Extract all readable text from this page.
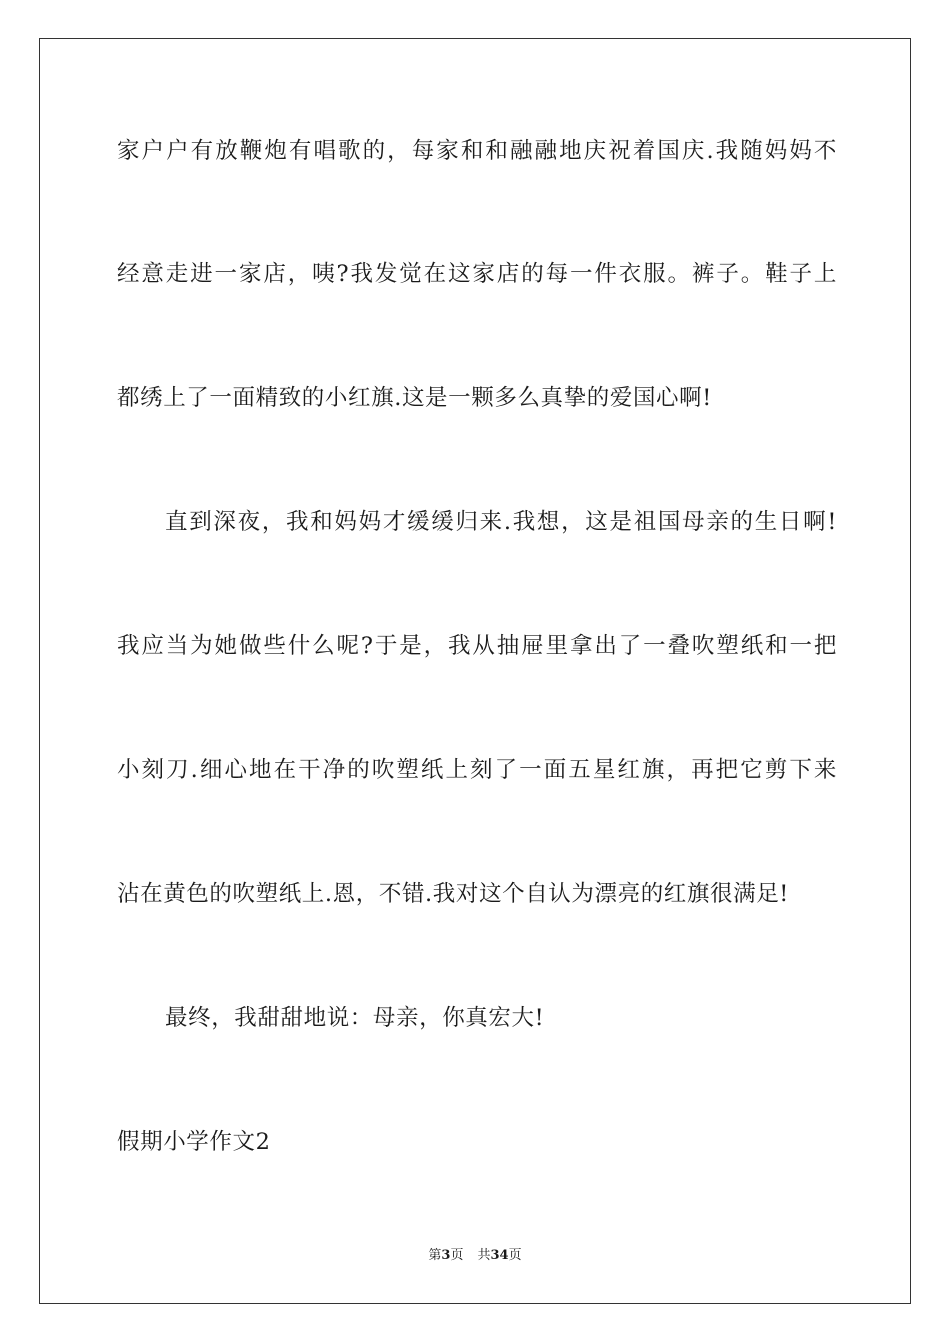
家户户有放鞭炮有唱歌的，每家和和融融地庆祝着国庆.我随妈妈不
经意走进一家店，咦?我发觉在这家店的每一件衣服。裤子。鞋子上
都绣上了一面精致的小红旗.这是一颗多么真挚的爱国心啊!
直到深夜，我和妈妈才缓缓归来.我想，这是祖国母亲的生日啊!
我应当为她做些什么呢?于是，我从抽屉里拿出了一叠吹塑纸和一把
小刻刀.细心地在干净的吹塑纸上刻了一面五星红旗，再把它剪下来
沾在黄色的吹塑纸上.恩，不错.我对这个自认为漂亮的红旗很满足!
最终，我甜甜地说：母亲，你真宏大!
假期小学作文2
第3页 共34页
